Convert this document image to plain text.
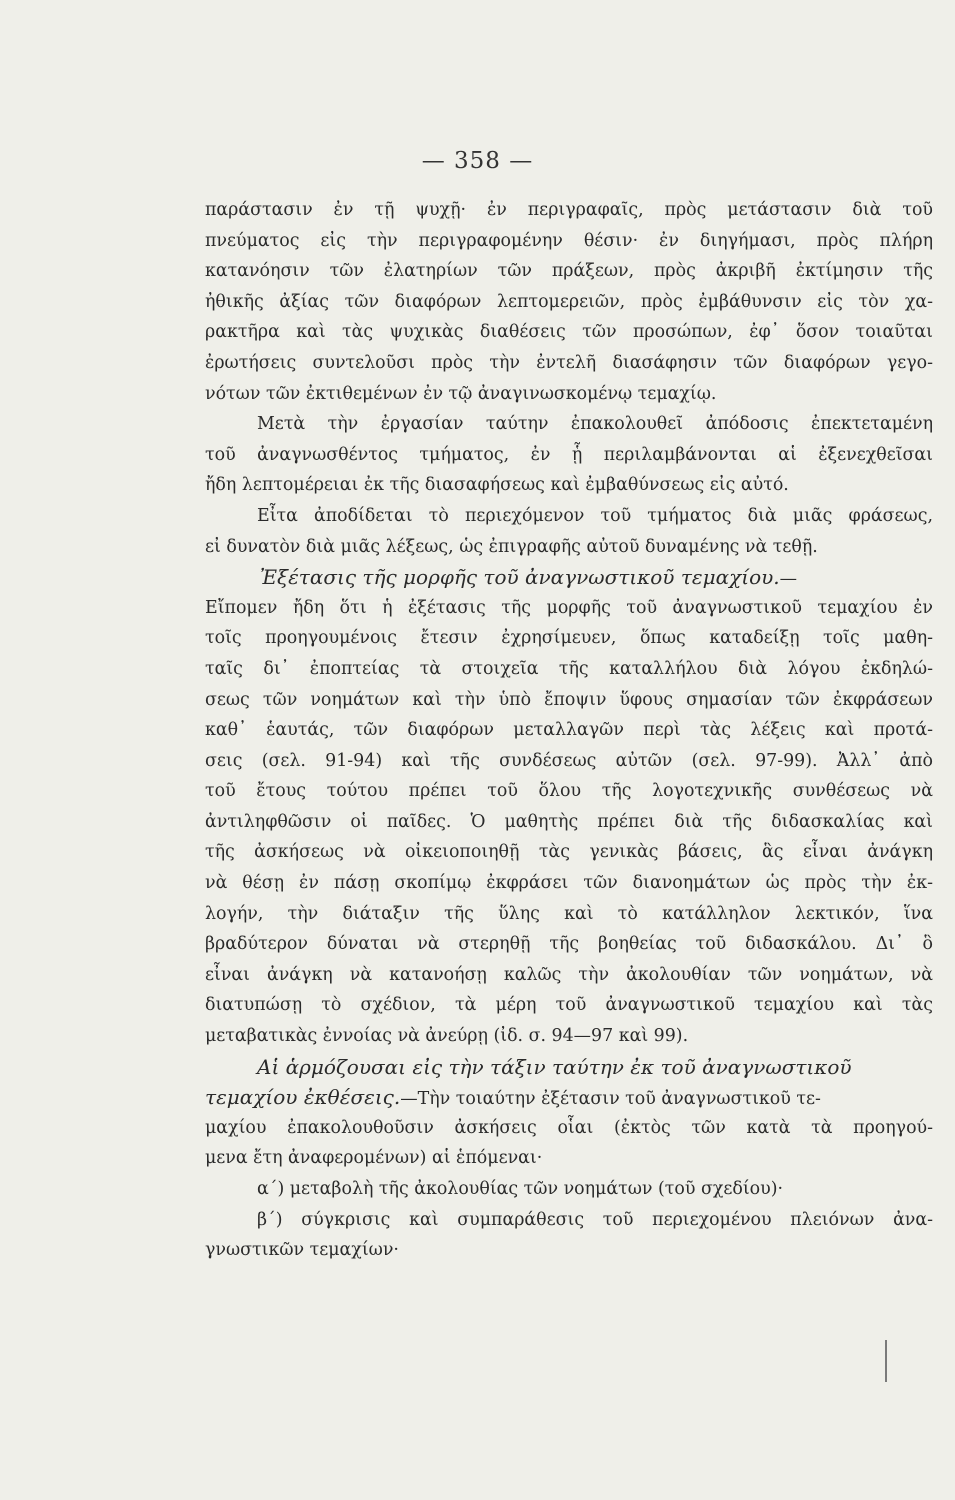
— 358 —
παράστασιν ἐν τῇ ψυχῇ· ἐν περιγραφαῖς, πρὸς μετάστασιν διὰ τοῦ
πνεύματος εἰς τὴν περιγραφομένην θέσιν· ἐν διηγήμασι, πρὸς πλήρη
κατανόησιν τῶν ἐλατηρίων τῶν πράξεων, πρὸς ἀκριβῆ ἐκτίμησιν τῆς
ἠθικῆς ἀξίας τῶν διαφόρων λεπτομερειῶν, πρὸς ἐμβάθυνσιν εἰς τὸν χα-
ρακτῆρα καὶ τὰς ψυχικὰς διαθέσεις τῶν προσώπων, ἐφ᾿ ὅσον τοιαῦται
ἐρωτήσεις συντελοῦσι πρὸς τὴν ἐντελῆ διασάφησιν τῶν διαφόρων γεγο-
νότων τῶν ἐκτιθεμένων ἐν τῷ ἀναγινωσκομένῳ τεμαχίῳ.
Μετὰ τὴν ἐργασίαν ταύτην ἐπακολουθεῖ ἀπόδοσις ἐπεκτεταμένη
τοῦ ἀναγνωσθέντος τμήματος, ἐν ᾗ περιλαμβάνονται αἱ ἐξενεχθεῖσαι
ἤδη λεπτομέρειαι ἐκ τῆς διασαφήσεως καὶ ἐμβαθύνσεως εἰς αὐτό.
Εἶτα ἀποδίδεται τὸ περιεχόμενον τοῦ τμήματος διὰ μιᾶς φράσεως,
εἰ δυνατὸν διὰ μιᾶς λέξεως, ὡς ἐπιγραφῆς αὐτοῦ δυναμένης νὰ τεθῇ.
Ἐξέτασις τῆς μορφῆς τοῦ ἀναγνωστικοῦ τεμαχίου.—
Εἴπομεν ἤδη ὅτι ἡ ἐξέτασις τῆς μορφῆς τοῦ ἀναγνωστικοῦ τεμαχίου ἐν
τοῖς προηγουμένοις ἔτεσιν ἐχρησίμευεν, ὅπως καταδείξῃ τοῖς μαθη-
ταῖς δι᾿ ἐποπτείας τὰ στοιχεῖα τῆς καταλλήλου διὰ λόγου ἐκδηλώ-
σεως τῶν νοημάτων καὶ τὴν ὑπὸ ἔποψιν ὕφους σημασίαν τῶν ἐκφράσεων
καθ᾿ ἑαυτάς, τῶν διαφόρων μεταλλαγῶν περὶ τὰς λέξεις καὶ προτά-
σεις (σελ. 91-94) καὶ τῆς συνδέσεως αὐτῶν (σελ. 97-99). Ἀλλ᾿ ἀπὸ
τοῦ ἔτους τούτου πρέπει τοῦ ὅλου τῆς λογοτεχνικῆς συνθέσεως νὰ
ἀντιληφθῶσιν οἱ παῖδες. Ὁ μαθητὴς πρέπει διὰ τῆς διδασκαλίας καὶ
τῆς ἀσκήσεως νὰ οἰκειοποιηθῇ τὰς γενικὰς βάσεις, ἃς εἶναι ἀνάγκη
νὰ θέσῃ ἐν πάσῃ σκοπίμῳ ἐκφράσει τῶν διανοημάτων ὡς πρὸς τὴν ἐκ-
λογήν, τὴν διάταξιν τῆς ὕλης καὶ τὸ κατάλληλον λεκτικόν, ἵνα
βραδύτερον δύναται νὰ στερηθῇ τῆς βοηθείας τοῦ διδασκάλου. Δι᾿ ὃ
εἶναι ἀνάγκη νὰ κατανοήσῃ καλῶς τὴν ἀκολουθίαν τῶν νοημάτων, νὰ
διατυπώσῃ τὸ σχέδιον, τὰ μέρη τοῦ ἀναγνωστικοῦ τεμαχίου καὶ τὰς
μεταβατικὰς ἐννοίας νὰ ἀνεύρῃ (ἰδ. σ. 94—97 καὶ 99).
Αἱ ἁρμόζουσαι εἰς τὴν τάξιν ταύτην ἐκ τοῦ ἀναγνωστικοῦ
τεμαχίου ἐκθέσεις.—Τὴν τοιαύτην ἐξέτασιν τοῦ ἀναγνωστικοῦ τε-
μαχίου ἐπακολουθοῦσιν ἀσκήσεις οἷαι (ἐκτὸς τῶν κατὰ τὰ προηγού-
μενα ἔτη ἀναφερομένων) αἱ ἑπόμεναι·
α΄) μεταβολὴ τῆς ἀκολουθίας τῶν νοημάτων (τοῦ σχεδίου)·
β΄) σύγκρισις καὶ συμπαράθεσις τοῦ περιεχομένου πλειόνων ἀνα-
γνωστικῶν τεμαχίων·
